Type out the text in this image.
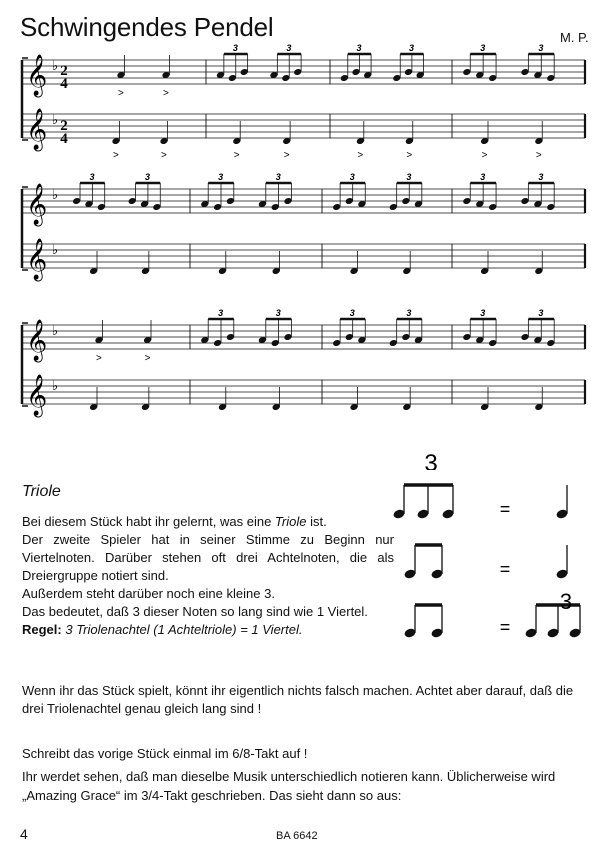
Schwingendes Pendel	M. P.
𝄞 ♭
𝄞 ♭
𝄞 ♭
𝄞 ♭
𝄞 ♭
𝄞 ♭
>	>
>	>
3	3
>	>
3	3
>	>
3	3
>	>
3	3	3	3	3	3	3	3
>	>
3	3	3	3	3	3
2
4
2
4
3
=
=
=
3
Triole
Bei diesem Stück habt ihr gelernt, was eine Triole ist.
Der zweite Spieler hat in seiner Stimme zu Beginn nur Viertelnoten. Darüber stehen oft drei Achtelnoten, die als Dreiergruppe notiert sind.
Außerdem steht darüber noch eine kleine 3.
Das bedeutet, daß 3 dieser Noten so lang sind wie 1 Viertel.
Regel: 3 Triolenachtel (1 Achteltriole) = 1 Viertel.
Wenn ihr das Stück spielt, könnt ihr eigentlich nichts falsch machen. Achtet aber darauf, daß die drei Triolenachtel genau gleich lang sind !
Schreibt das vorige Stück einmal im 6/8-Takt auf !
Ihr werdet sehen, daß man dieselbe Musik unterschiedlich notieren kann. Üblicherweise wird
„Amazing Grace“ im 3/4-Takt geschrieben. Das sieht dann so aus:
4	BA 6642
